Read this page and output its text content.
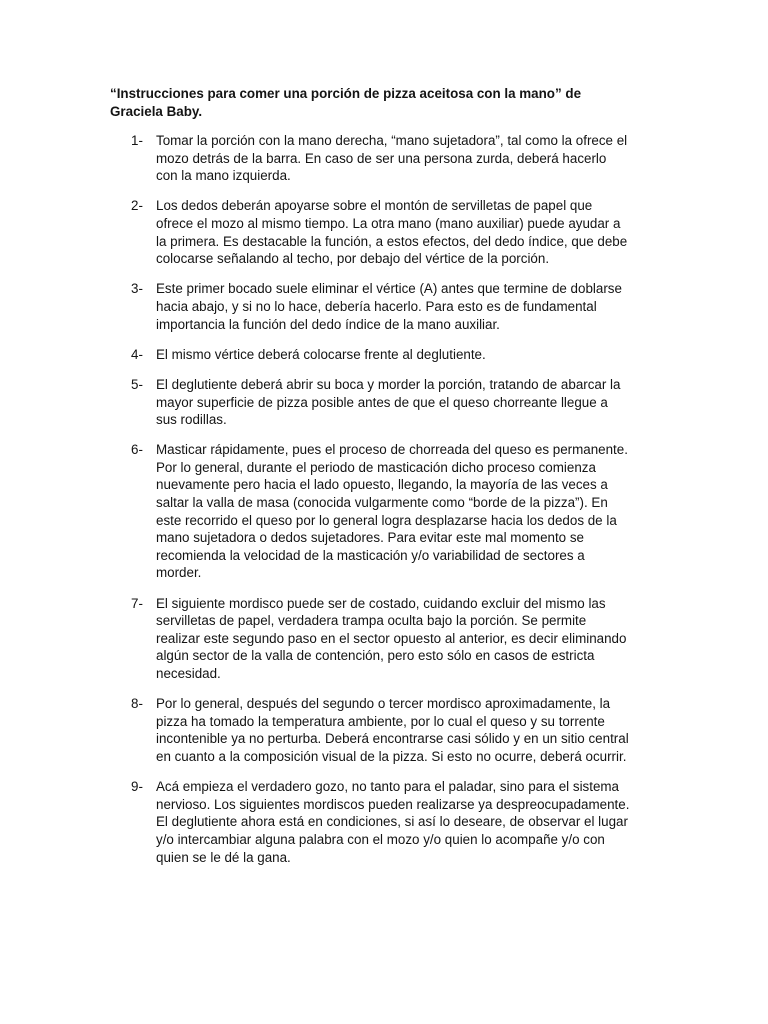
“Instrucciones para comer una porción de pizza aceitosa con la mano” de
Graciela Baby.
1- Tomar la porción con la mano derecha, “mano sujetadora”, tal como la ofrece el
mozo detrás de la barra. En caso de ser una persona zurda, deberá hacerlo
con la mano izquierda.
2- Los dedos deberán apoyarse sobre el montón de servilletas de papel que
ofrece el mozo al mismo tiempo. La otra mano (mano auxiliar) puede ayudar a
la primera. Es destacable la función, a estos efectos, del dedo índice, que debe
colocarse señalando al techo, por debajo del vértice de la porción.
3- Este primer bocado suele eliminar el vértice (A) antes que termine de doblarse
hacia abajo, y si no lo hace, debería hacerlo. Para esto es de fundamental
importancia la función del dedo índice de la mano auxiliar.
4- El mismo vértice deberá colocarse frente al deglutiente.
5- El deglutiente deberá abrir su boca y morder la porción, tratando de abarcar la
mayor superficie de pizza posible antes de que el queso chorreante llegue a
sus rodillas.
6- Masticar rápidamente, pues el proceso de chorreada del queso es permanente.
Por lo general, durante el periodo de masticación dicho proceso comienza
nuevamente pero hacia el lado opuesto, llegando, la mayoría de las veces a
saltar la valla de masa (conocida vulgarmente como “borde de la pizza”). En
este recorrido el queso por lo general logra desplazarse hacia los dedos de la
mano sujetadora o dedos sujetadores. Para evitar este mal momento se
recomienda la velocidad de la masticación y/o variabilidad de sectores a
morder.
7- El siguiente mordisco puede ser de costado, cuidando excluir del mismo las
servilletas de papel, verdadera trampa oculta bajo la porción. Se permite
realizar este segundo paso en el sector opuesto al anterior, es decir eliminando
algún sector de la valla de contención, pero esto sólo en casos de estricta
necesidad.
8- Por lo general, después del segundo o tercer mordisco aproximadamente, la
pizza ha tomado la temperatura ambiente, por lo cual el queso y su torrente
incontenible ya no perturba. Deberá encontrarse casi sólido y en un sitio central
en cuanto a la composición visual de la pizza. Si esto no ocurre, deberá ocurrir.
9- Acá empieza el verdadero gozo, no tanto para el paladar, sino para el sistema
nervioso. Los siguientes mordiscos pueden realizarse ya despreocupadamente.
El deglutiente ahora está en condiciones, si así lo deseare, de observar el lugar
y/o intercambiar alguna palabra con el mozo y/o quien lo acompañe y/o con
quien se le dé la gana.
